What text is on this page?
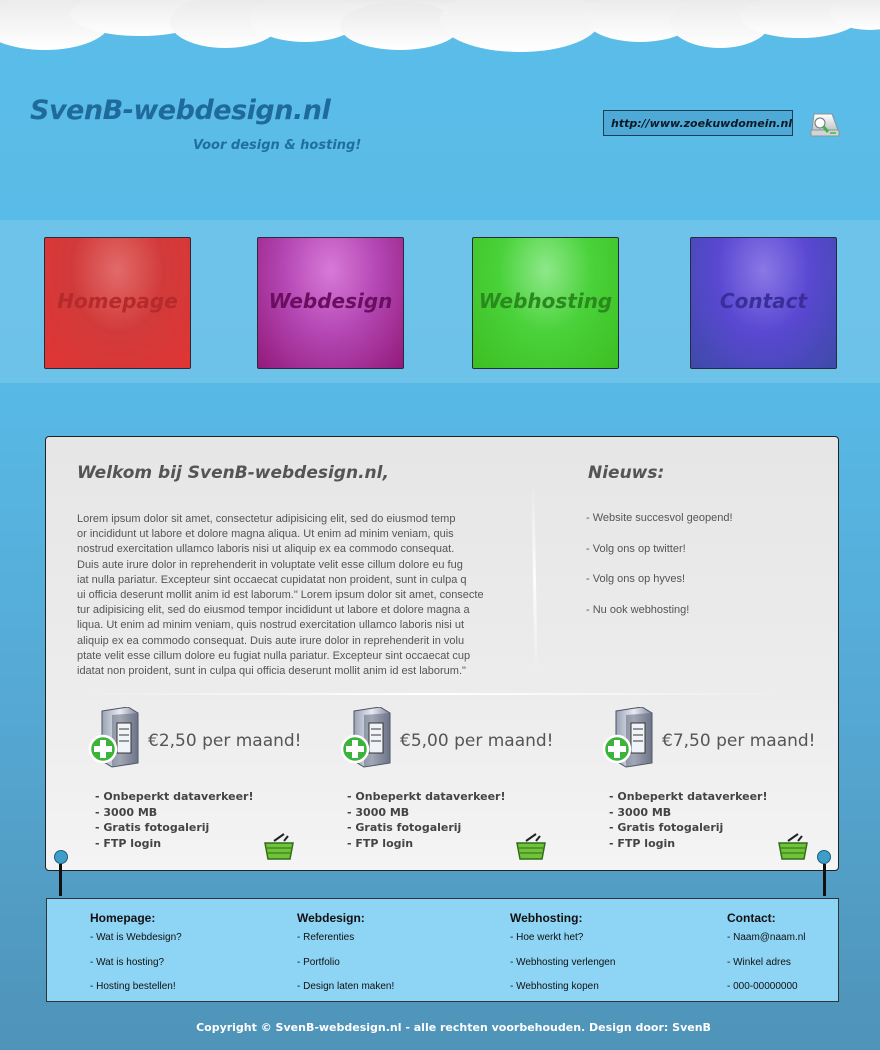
SvenB-webdesign.nl
Voor design & hosting!
http://www.zoekuwdomein.nl
Homepage	Webdesign	Webhosting	Contact
Welkom bij SvenB-webdesign.nl,

Lorem ipsum dolor sit amet, consectetur adipisicing elit, sed do eiusmod temp
or incididunt ut labore et dolore magna aliqua. Ut enim ad minim veniam, quis
nostrud exercitation ullamco laboris nisi ut aliquip ex ea commodo consequat.
Duis aute irure dolor in reprehenderit in voluptate velit esse cillum dolore eu fug
iat nulla pariatur. Excepteur sint occaecat cupidatat non proident, sunt in culpa q
ui officia deserunt mollit anim id est laborum." Lorem ipsum dolor sit amet, consecte
tur adipisicing elit, sed do eiusmod tempor incididunt ut labore et dolore magna a
liqua. Ut enim ad minim veniam, quis nostrud exercitation ullamco laboris nisi ut
aliquip ex ea commodo consequat. Duis aute irure dolor in reprehenderit in volu
ptate velit esse cillum dolore eu fugiat nulla pariatur. Excepteur sint occaecat cup
idatat non proident, sunt in culpa qui officia deserunt mollit anim id est laborum."

Nieuws:
- Website succesvol geopend!
- Volg ons op twitter!
- Volg ons op hyves!
- Nu ook webhosting!
€2,50 per maand!
- Onbeperkt dataverkeer!
- 3000 MB
- Gratis fotogalerij
- FTP login
€5,00 per maand!
- Onbeperkt dataverkeer!
- 3000 MB
- Gratis fotogalerij
- FTP login
€7,50 per maand!
- Onbeperkt dataverkeer!
- 3000 MB
- Gratis fotogalerij
- FTP login
Homepage:
- Wat is Webdesign?
- Wat is hosting?
- Hosting bestellen!
Webdesign:
- Referenties
- Portfolio
- Design laten maken!
Webhosting:
- Hoe werkt het?
- Webhosting verlengen
- Webhosting kopen
Contact:
- Naam@naam.nl
- Winkel adres
- 000-00000000
Copyright © SvenB-webdesign.nl - alle rechten voorbehouden. Design door: SvenB
